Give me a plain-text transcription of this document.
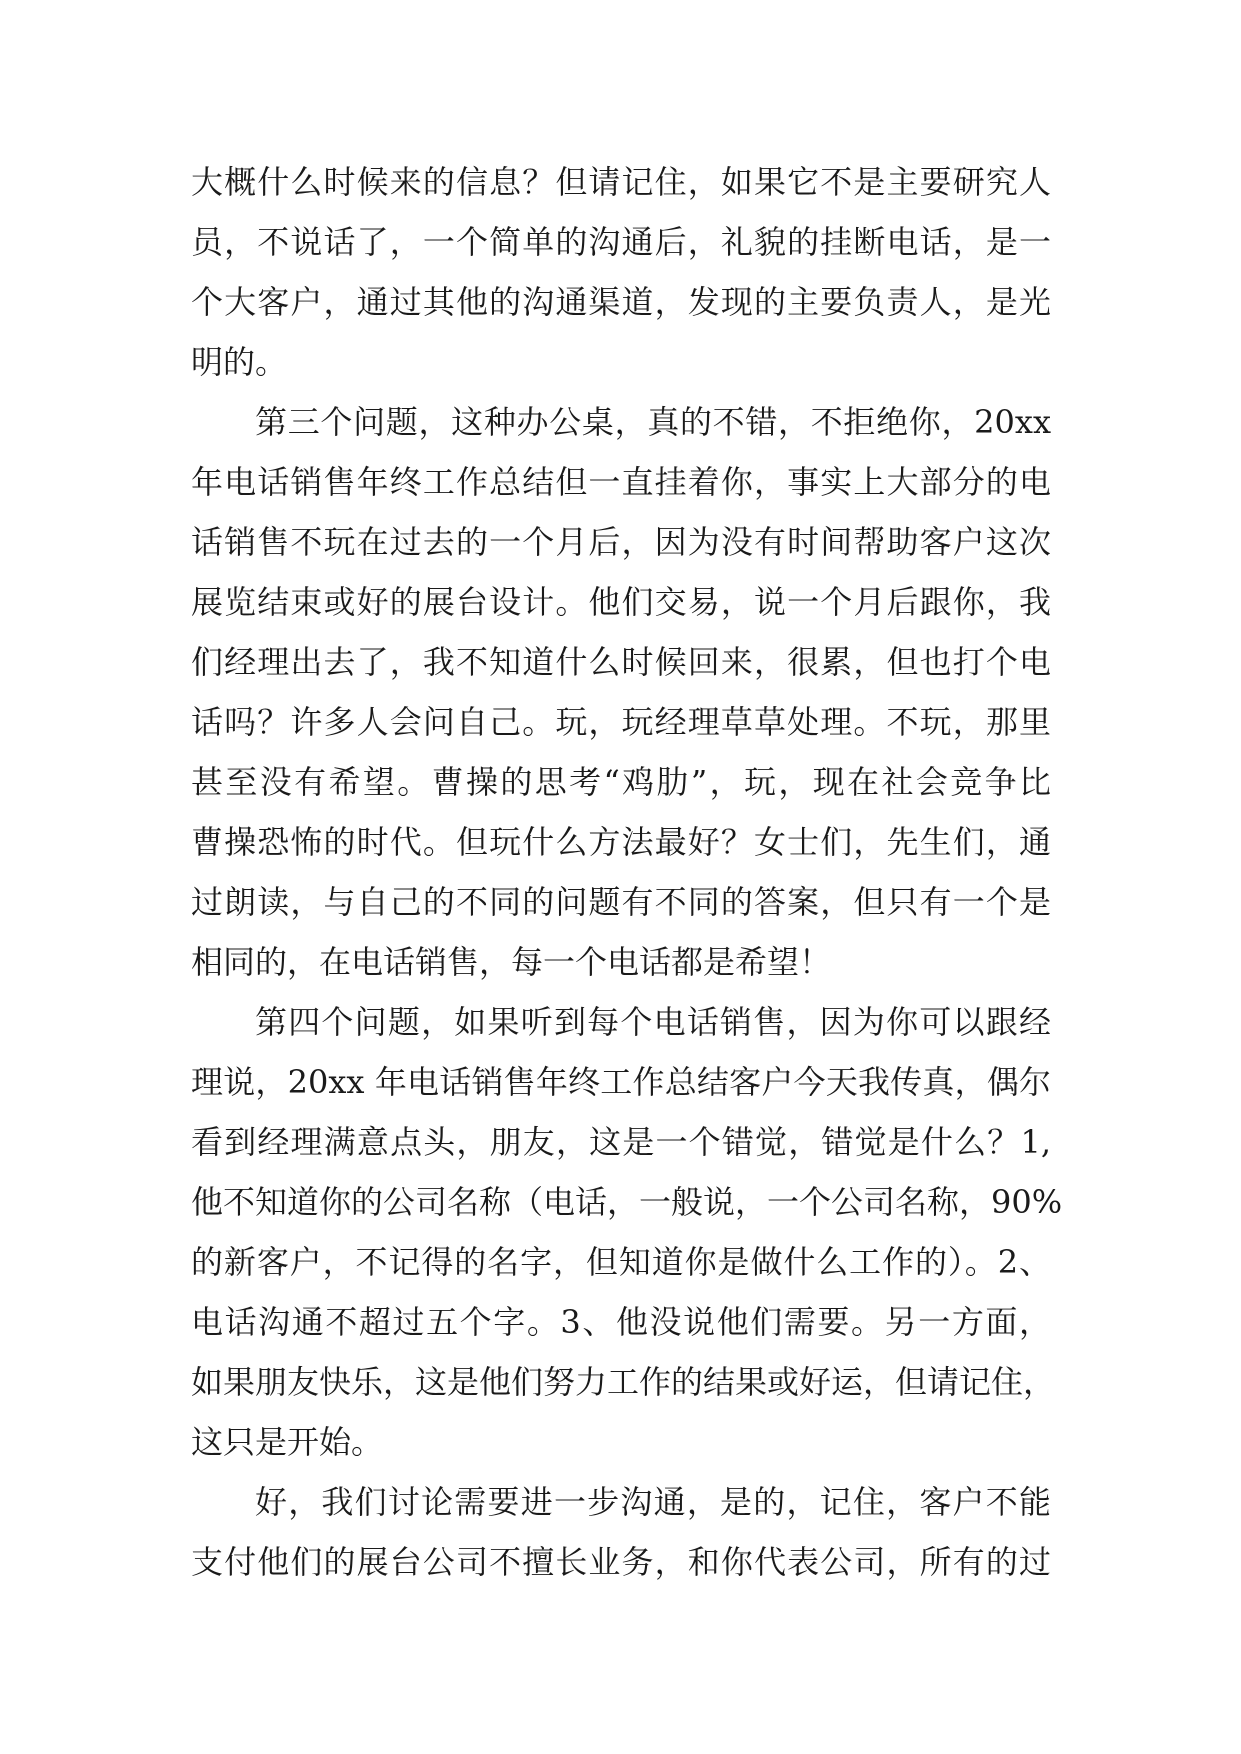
大概什么时候来的信息？但请记住，如果它不是主要研究人
员，不说话了，一个简单的沟通后，礼貌的挂断电话，是一
个大客户，通过其他的沟通渠道，发现的主要负责人，是光
明的。
第三个问题，这种办公桌，真的不错，不拒绝你，20xx
年电话销售年终工作总结但一直挂着你，事实上大部分的电
话销售不玩在过去的一个月后，因为没有时间帮助客户这次
展览结束或好的展台设计。他们交易，说一个月后跟你，我
们经理出去了，我不知道什么时候回来，很累，但也打个电
话吗？许多人会问自己。玩，玩经理草草处理。不玩，那里
甚至没有希望。曹操的思考“鸡肋”，玩，现在社会竞争比
曹操恐怖的时代。但玩什么方法最好？女士们，先生们，通
过朗读，与自己的不同的问题有不同的答案，但只有一个是
相同的，在电话销售，每一个电话都是希望！
第四个问题，如果听到每个电话销售，因为你可以跟经
理说，20xx 年电话销售年终工作总结客户今天我传真，偶尔
看到经理满意点头，朋友，这是一个错觉，错觉是什么？1,
他不知道你的公司名称（电话，一般说，一个公司名称，90%
的新客户，不记得的名字，但知道你是做什么工作的）。2、
电话沟通不超过五个字。3、他没说他们需要。另一方面，
如果朋友快乐，这是他们努力工作的结果或好运，但请记住，
这只是开始。
好，我们讨论需要进一步沟通，是的，记住，客户不能
支付他们的展台公司不擅长业务，和你代表公司，所有的过
